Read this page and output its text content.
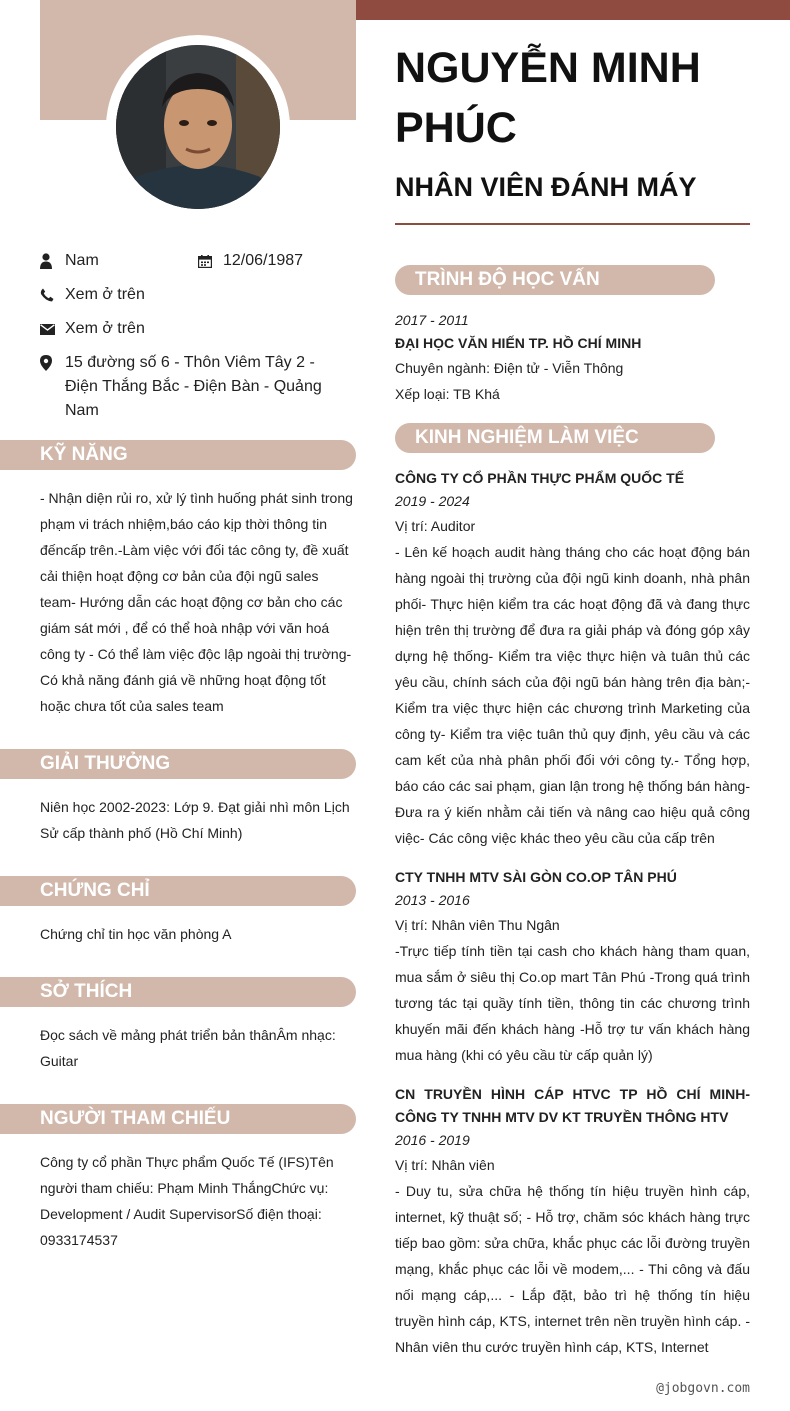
NGUYỄN MINH PHÚC
NHÂN VIÊN ĐÁNH MÁY
Nam	12/06/1987
Xem ở trên
Xem ở trên
15 đường số 6 - Thôn Viêm Tây 2 - Điện Thắng Bắc - Điện Bàn - Quảng Nam
KỸ NĂNG
- Nhận diện rủi ro, xử lý tình huống phát sinh trong phạm vi trách nhiệm,báo cáo kịp thời thông tin đếncấp trên.-Làm việc với đối tác công ty, đề xuất cải thiện hoạt động cơ bản của đội ngũ sales team- Hướng dẫn các hoạt động cơ bản cho các giám sát mới , để có thể hoà nhập với văn hoá công ty - Có thể làm việc độc lập ngoài thị trường-Có khả năng đánh giá về những hoạt động tốt hoặc chưa tốt của sales team
GIẢI THƯỞNG
Niên học 2002-2023: Lớp 9. Đạt giải nhì môn Lịch Sử cấp thành phố (Hồ Chí Minh)
CHỨNG CHỈ
Chứng chỉ tin học văn phòng A
SỞ THÍCH
Đọc sách về mảng phát triển bản thânÂm nhạc: Guitar
NGƯỜI THAM CHIẾU
Công ty cổ phần Thực phẩm Quốc Tế (IFS)Tên người tham chiếu: Phạm Minh ThắngChức vụ: Development / Audit SupervisorSố điện thoại: 0933174537
TRÌNH ĐỘ HỌC VẤN
2017 - 2011
ĐẠI HỌC VĂN HIẾN TP. HỒ CHÍ MINH
Chuyên ngành: Điện tử - Viễn Thông
Xếp loại: TB Khá
KINH NGHIỆM LÀM VIỆC
CÔNG TY CỔ PHẦN THỰC PHẨM QUỐC TẾ
2019 - 2024
Vị trí: Auditor
- Lên kế hoạch audit hàng tháng cho các hoạt động bán hàng ngoài thị trường của đội ngũ kinh doanh, nhà phân phối- Thực hiện kiểm tra các hoạt động đã và đang thực hiện trên thị trường để đưa ra giải pháp và đóng góp xây dựng hệ thống- Kiểm tra việc thực hiện và tuân thủ các yêu cầu, chính sách của đội ngũ bán hàng trên địa bàn;- Kiểm tra việc thực hiện các chương trình Marketing của công ty- Kiểm tra việc tuân thủ quy định, yêu cầu và các cam kết của nhà phân phối đối với công ty.- Tổng hợp, báo cáo các sai phạm, gian lận trong hệ thống bán hàng- Đưa ra ý kiến nhằm cải tiến và nâng cao hiệu quả công việc- Các công việc khác theo yêu cầu của cấp trên
CTY TNHH MTV SÀI GÒN CO.OP TÂN PHÚ
2013 - 2016
Vị trí: Nhân viên Thu Ngân
-Trực tiếp tính tiền tại cash cho khách hàng tham quan, mua sắm ở siêu thị Co.op mart Tân Phú -Trong quá trình tương tác tại quầy tính tiền, thông tin các chương trình khuyến mãi đến khách hàng -Hỗ trợ tư vấn khách hàng mua hàng (khi có yêu cầu từ cấp quản lý)
CN TRUYỀN HÌNH CÁP HTVC TP HỒ CHÍ MINH- CÔNG TY TNHH MTV DV KT TRUYỀN THÔNG HTV
2016 - 2019
Vị trí: Nhân viên
- Duy tu, sửa chữa hệ thống tín hiệu truyền hình cáp, internet, kỹ thuật số; - Hỗ trợ, chăm sóc khách hàng trực tiếp bao gồm: sửa chữa, khắc phục các lỗi đường truyền mạng, khắc phục các lỗi về modem,... - Thi công và đấu nối mạng cáp,... - Lắp đặt, bảo trì hệ thống tín hiệu truyền hình cáp, KTS, internet trên nền truyền hình cáp. - Nhân viên thu cước truyền hình cáp, KTS, Internet
@jobgovn.com
